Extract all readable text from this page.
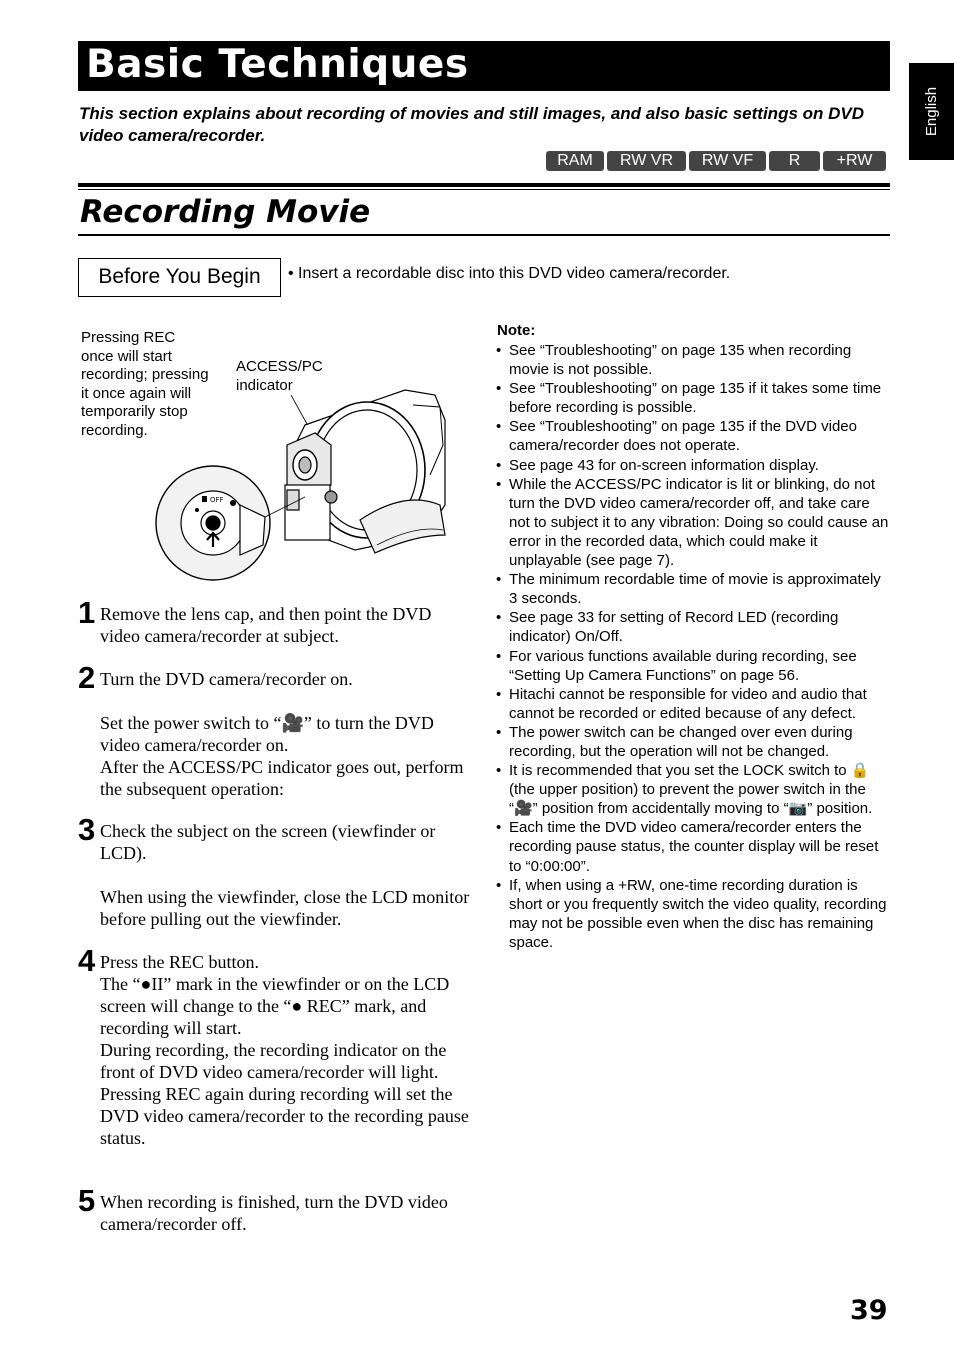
Basic Techniques
This section explains about recording of movies and still images, and also basic settings on DVD video camera/recorder.
RAM	RW VR	RW VF	R	+RW
Recording Movie
Before You Begin	• Insert a recordable disc into this DVD video camera/recorder.
Pressing REC once will start recording; pressing it once again will temporarily stop recording.
ACCESS/PC indicator
OFF
1 Remove the lens cap, and then point the DVD video camera/recorder at subject.
2 Turn the DVD camera/recorder on.
Set the power switch to “🎥” to turn the DVD video camera/recorder on.
After the ACCESS/PC indicator goes out, perform the subsequent operation:
3 Check the subject on the screen (viewfinder or LCD).
When using the viewfinder, close the LCD monitor before pulling out the viewfinder.
4 Press the REC button.
The “●II” mark in the viewfinder or on the LCD screen will change to the “● REC” mark, and recording will start.
During recording, the recording indicator on the front of DVD video camera/recorder will light.
Pressing REC again during recording will set the DVD video camera/recorder to the recording pause status.
5 When recording is finished, turn the DVD video camera/recorder off.
Note:
• See “Troubleshooting” on page 135 when recording movie is not possible.
• See “Troubleshooting” on page 135 if it takes some time before recording is possible.
• See “Troubleshooting” on page 135 if the DVD video camera/recorder does not operate.
• See page 43 for on-screen information display.
• While the ACCESS/PC indicator is lit or blinking, do not turn the DVD video camera/recorder off, and take care not to subject it to any vibration: Doing so could cause an error in the recorded data, which could make it unplayable (see page 7).
• The minimum recordable time of movie is approximately 3 seconds.
• See page 33 for setting of Record LED (recording indicator) On/Off.
• For various functions available during recording, see “Setting Up Camera Functions” on page 56.
• Hitachi cannot be responsible for video and audio that cannot be recorded or edited because of any defect.
• The power switch can be changed over even during recording, but the operation will not be changed.
• It is recommended that you set the LOCK switch to 🔒 (the upper position) to prevent the power switch in the “🎥” position from accidentally moving to “📷” position.
• Each time the DVD video camera/recorder enters the recording pause status, the counter display will be reset to “0:00:00”.
• If, when using a +RW, one-time recording duration is short or you frequently switch the video quality, recording may not be possible even when the disc has remaining space.
English
39
